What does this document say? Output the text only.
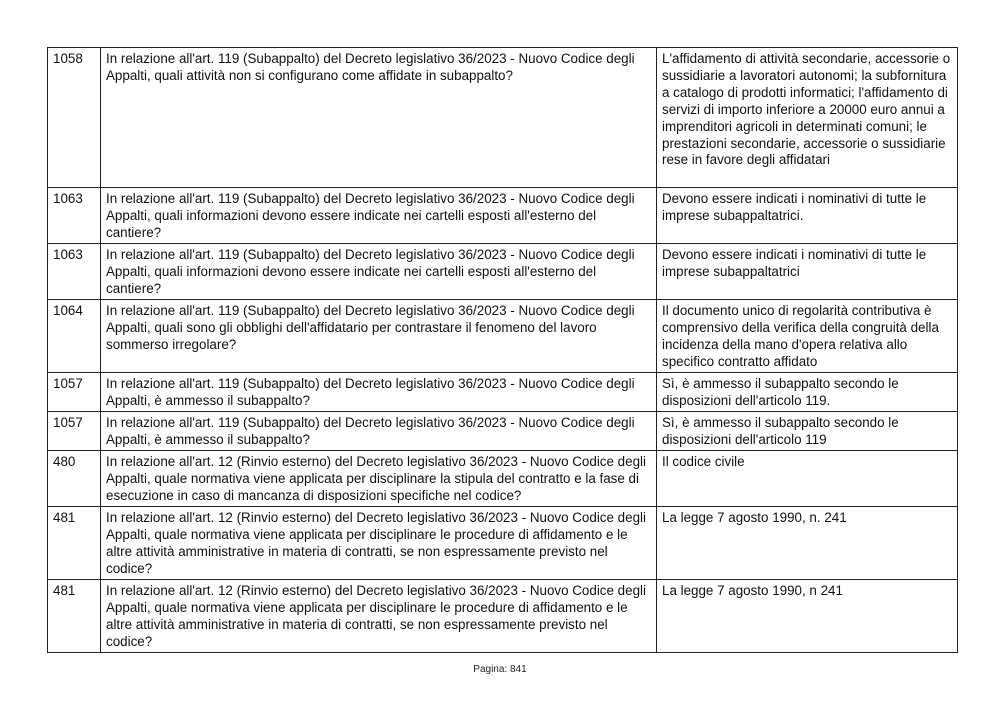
1058	In relazione all'art. 119 (Subappalto) del Decreto legislativo 36/2023 - Nuovo Codice degli Appalti, quali attività non si configurano come affidate in subappalto?	L'affidamento di attività secondarie, accessorie o sussidiarie a lavoratori autonomi; la subfornitura a catalogo di prodotti informatici; l'affidamento di servizi di importo inferiore a 20000 euro annui a imprenditori agricoli in determinati comuni; le prestazioni secondarie, accessorie o sussidiarie rese in favore degli affidatari
1063	In relazione all'art. 119 (Subappalto) del Decreto legislativo 36/2023 - Nuovo Codice degli Appalti, quali informazioni devono essere indicate nei cartelli esposti all'esterno del cantiere?	Devono essere indicati i nominativi di tutte le imprese subappaltatrici.
1063	In relazione all'art. 119 (Subappalto) del Decreto legislativo 36/2023 - Nuovo Codice degli Appalti, quali informazioni devono essere indicate nei cartelli esposti all'esterno del cantiere?	Devono essere indicati i nominativi di tutte le imprese subappaltatrici
1064	In relazione all'art. 119 (Subappalto) del Decreto legislativo 36/2023 - Nuovo Codice degli Appalti, quali sono gli obblighi dell'affidatario per contrastare il fenomeno del lavoro sommerso irregolare?	Il documento unico di regolarità contributiva è comprensivo della verifica della congruità della incidenza della mano d'opera relativa allo specifico contratto affidato
1057	In relazione all'art. 119 (Subappalto) del Decreto legislativo 36/2023 - Nuovo Codice degli Appalti, è ammesso il subappalto?	Sì, è ammesso il subappalto secondo le disposizioni dell'articolo 119.
1057	In relazione all'art. 119 (Subappalto) del Decreto legislativo 36/2023 - Nuovo Codice degli Appalti, è ammesso il subappalto?	Sì, è ammesso il subappalto secondo le disposizioni dell'articolo 119
480	In relazione all'art. 12 (Rinvio esterno) del Decreto legislativo 36/2023 - Nuovo Codice degli Appalti, quale normativa viene applicata per disciplinare la stipula del contratto e la fase di esecuzione in caso di mancanza di disposizioni specifiche nel codice?	Il codice civile
481	In relazione all'art. 12 (Rinvio esterno) del Decreto legislativo 36/2023 - Nuovo Codice degli Appalti, quale normativa viene applicata per disciplinare le procedure di affidamento e le altre attività amministrative in materia di contratti, se non espressamente previsto nel codice?	La legge 7 agosto 1990, n. 241
481	In relazione all'art. 12 (Rinvio esterno) del Decreto legislativo 36/2023 - Nuovo Codice degli Appalti, quale normativa viene applicata per disciplinare le procedure di affidamento e le altre attività amministrative in materia di contratti, se non espressamente previsto nel codice?	La legge 7 agosto 1990, n 241
Pagina: 841
